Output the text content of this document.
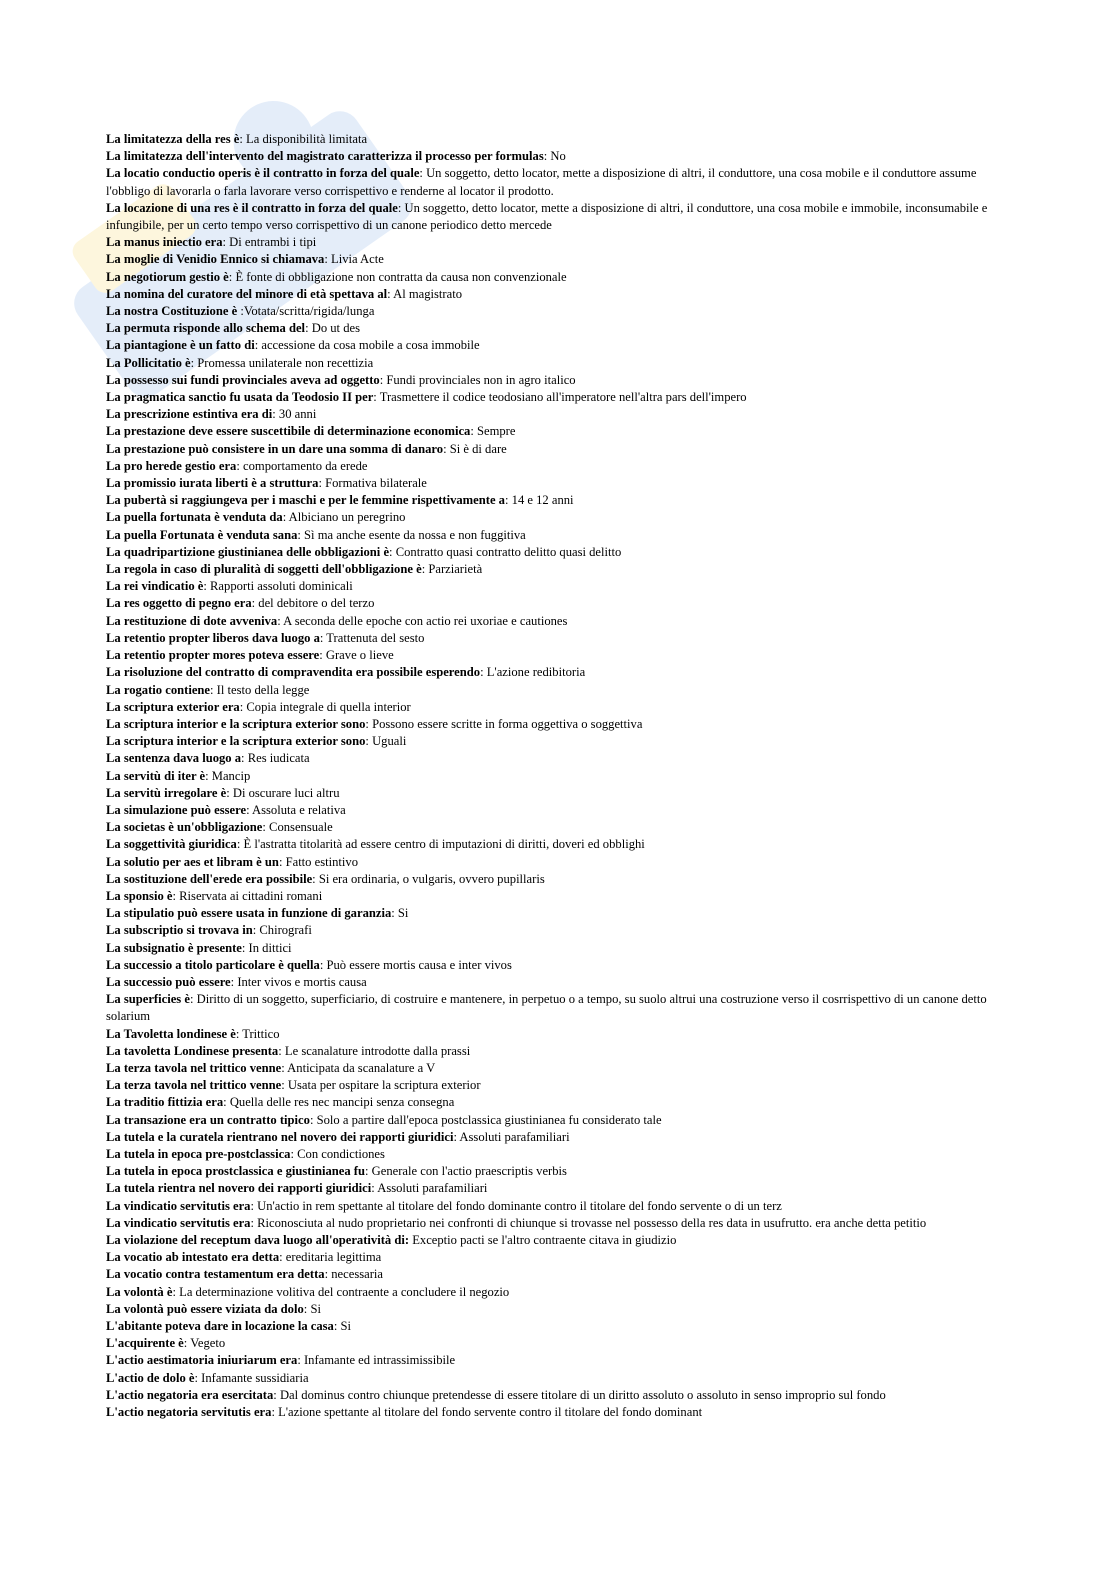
La limitatezza della res è: La disponibilità limitata

La limitatezza dell'intervento del magistrato caratterizza il processo per formulas: No

La locatio conductio operis è il contratto in forza del quale: Un soggetto, detto locator, mette a disposizione di altri, il conduttore, una cosa mobile e il conduttore assume l'obbligo di lavorarla o farla lavorare verso corrispettivo e renderne al locator il prodotto.

La locazione di una res è il contratto in forza del quale: Un soggetto, detto locator, mette a disposizione di altri, il conduttore, una cosa mobile e immobile, inconsumabile e infungibile, per un certo tempo verso corrispettivo di un canone periodico detto mercede

La manus iniectio era: Di entrambi i tipi

La moglie di Venidio Ennico si chiamava: Livia Acte

La negotiorum gestio è: È fonte di obbligazione non contratta da causa non convenzionale

La nomina del curatore del minore di età spettava al: Al magistrato

La nostra Costituzione è :Votata/scritta/rigida/lunga

La permuta risponde allo schema del: Do ut des

La piantagione è un fatto di: accessione da cosa mobile a cosa immobile

La Pollicitatio è: Promessa unilaterale non recettizia

La possesso sui fundi provinciales aveva ad oggetto: Fundi provinciales non in agro italico

La pragmatica sanctio fu usata da Teodosio II per: Trasmettere il codice teodosiano all'imperatore nell'altra pars dell'impero

La prescrizione estintiva era di: 30 anni

La prestazione deve essere suscettibile di determinazione economica: Sempre

La prestazione può consistere in un dare una somma di danaro: Si è di dare

La pro herede gestio era: comportamento da erede

La promissio iurata liberti è a struttura: Formativa bilaterale

La pubertà si raggiungeva per i maschi e per le femmine rispettivamente a: 14 e 12 anni

La puella fortunata è venduta da: Albiciano un peregrino

La puella Fortunata è venduta sana: Sì ma anche esente da nossa e non fuggitiva

La quadripartizione giustinianea delle obbligazioni è: Contratto quasi contratto delitto quasi delitto

La regola in caso di pluralità di soggetti dell'obbligazione è: Parziarietà

La rei vindicatio è: Rapporti assoluti dominicali

La res oggetto di pegno era: del debitore o del terzo

La restituzione di dote avveniva: A seconda delle epoche con actio rei uxoriae e cautiones

La retentio propter liberos dava luogo a: Trattenuta del sesto

La retentio propter mores poteva essere: Grave o lieve

La risoluzione del contratto di compravendita era possibile esperendo: L'azione redibitoria

La rogatio contiene: Il testo della legge

La scriptura exterior era: Copia integrale di quella interior

La scriptura interior e la scriptura exterior sono: Possono essere scritte in forma oggettiva o soggettiva

La scriptura interior e la scriptura exterior sono: Uguali

La sentenza dava luogo a: Res iudicata

La servitù di iter è: Mancip

La servitù irregolare è: Di oscurare luci altru

La simulazione può essere: Assoluta e relativa

La societas è un'obbligazione: Consensuale

La soggettività giuridica: È l'astratta titolarità ad essere centro di imputazioni di diritti, doveri ed obblighi

La solutio per aes et libram è un: Fatto estintivo

La sostituzione dell'erede era possibile: Si era ordinaria, o vulgaris, ovvero pupillaris

La sponsio è: Riservata ai cittadini romani

La stipulatio può essere usata in funzione di garanzia: Si

La subscriptio si trovava in: Chirografi

La subsignatio è presente: In dittici

La successio a titolo particolare è quella: Può essere mortis causa e inter vivos

La successio può essere: Inter vivos e mortis causa

La superficies è: Diritto di un soggetto, superficiario, di costruire e mantenere, in perpetuo o a tempo, su suolo altrui una costruzione verso il cosrrispettivo di un canone detto solarium

La Tavoletta londinese è: Trittico

La tavoletta Londinese presenta: Le scanalature introdotte dalla prassi

La terza tavola nel trittico venne: Anticipata da scanalature a V

La terza tavola nel trittico venne: Usata per ospitare la scriptura exterior

La traditio fittizia era: Quella delle res nec mancipi senza consegna

La transazione era un contratto tipico: Solo a partire dall'epoca postclassica giustinianea fu considerato tale

La tutela e la curatela rientrano nel novero dei rapporti giuridici: Assoluti parafamiliari

La tutela in epoca pre-postclassica: Con condictiones

La tutela in epoca prostclassica e giustinianea fu: Generale con l'actio praescriptis verbis

La tutela rientra nel novero dei rapporti giuridici: Assoluti parafamiliari

La vindicatio servitutis era: Un'actio in rem spettante al titolare del fondo dominante contro il titolare del fondo servente o di un terz

La vindicatio servitutis era: Riconosciuta al nudo proprietario nei confronti di chiunque si trovasse nel possesso della res data in usufrutto. era anche detta petitio

La violazione del receptum dava luogo all'operatività di: Exceptio pacti se l'altro contraente citava in giudizio

La vocatio ab intestato era detta: ereditaria legittima

La vocatio contra testamentum era detta: necessaria

La volontà è: La determinazione volitiva del contraente a concludere il negozio

La volontà può essere viziata da dolo: Si

L'abitante poteva dare in locazione la casa: Si

L'acquirente è: Vegeto

L'actio aestimatoria iniuriarum era: Infamante ed intrassimissibile

L'actio de dolo è: Infamante sussidiaria

L'actio negatoria era esercitata: Dal dominus contro chiunque pretendesse di essere titolare di un diritto assoluto o assoluto in senso improprio sul fondo

L'actio negatoria servitutis era: L'azione spettante al titolare del fondo servente contro il titolare del fondo dominant
